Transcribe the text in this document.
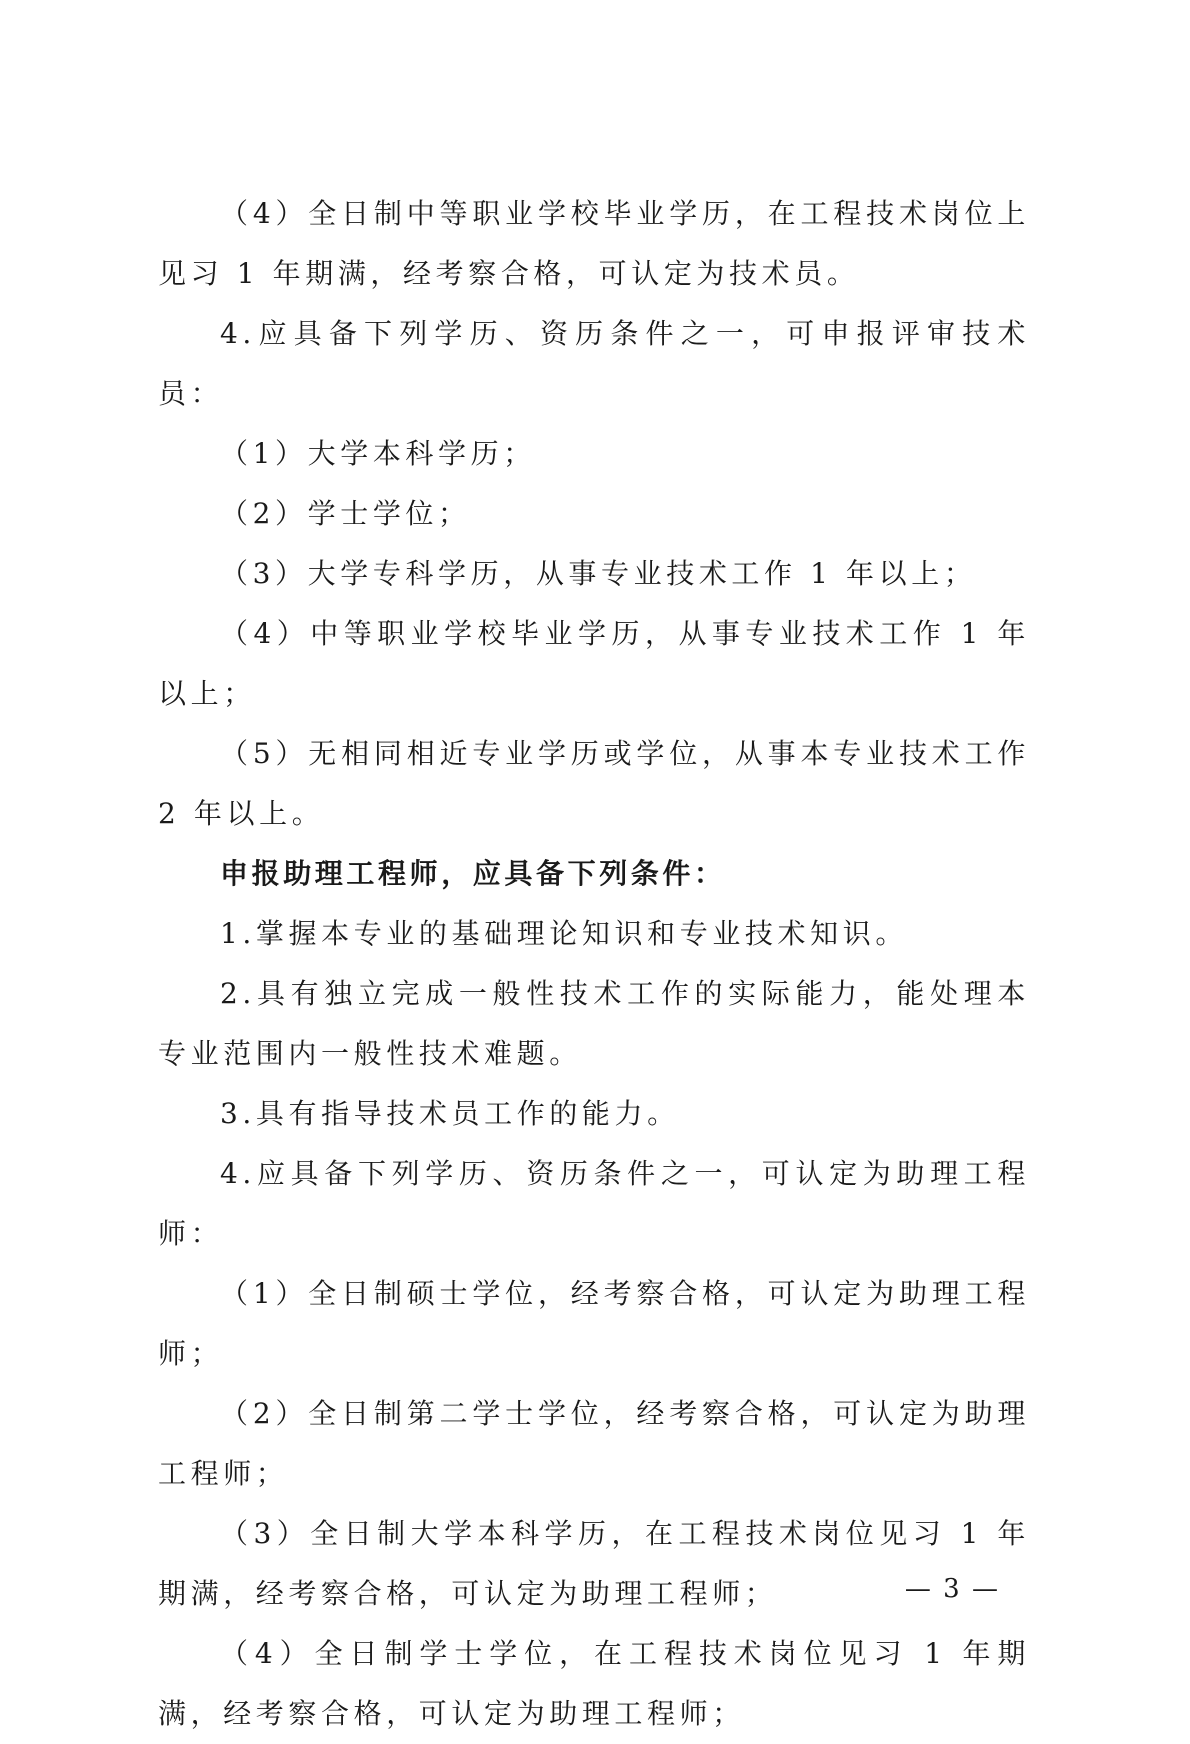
（4）全日制中等职业学校毕业学历，在工程技术岗位上见习 1 年期满，经考察合格，可认定为技术员。

4.应具备下列学历、资历条件之一，可申报评审技术员：

（1）大学本科学历；

（2）学士学位；

（3）大学专科学历，从事专业技术工作 1 年以上；

（4）中等职业学校毕业学历，从事专业技术工作 1 年以上；

（5）无相同相近专业学历或学位，从事本专业技术工作 2 年以上。

申报助理工程师，应具备下列条件：

1.掌握本专业的基础理论知识和专业技术知识。

2.具有独立完成一般性技术工作的实际能力，能处理本专业范围内一般性技术难题。

3.具有指导技术员工作的能力。

4.应具备下列学历、资历条件之一，可认定为助理工程师：

（1）全日制硕士学位，经考察合格，可认定为助理工程师；

（2）全日制第二学士学位，经考察合格，可认定为助理工程师；

（3）全日制大学本科学历，在工程技术岗位见习 1 年期满，经考察合格，可认定为助理工程师；

（4）全日制学士学位，在工程技术岗位见习 1 年期满，经考察合格，可认定为助理工程师；

— 3 —
